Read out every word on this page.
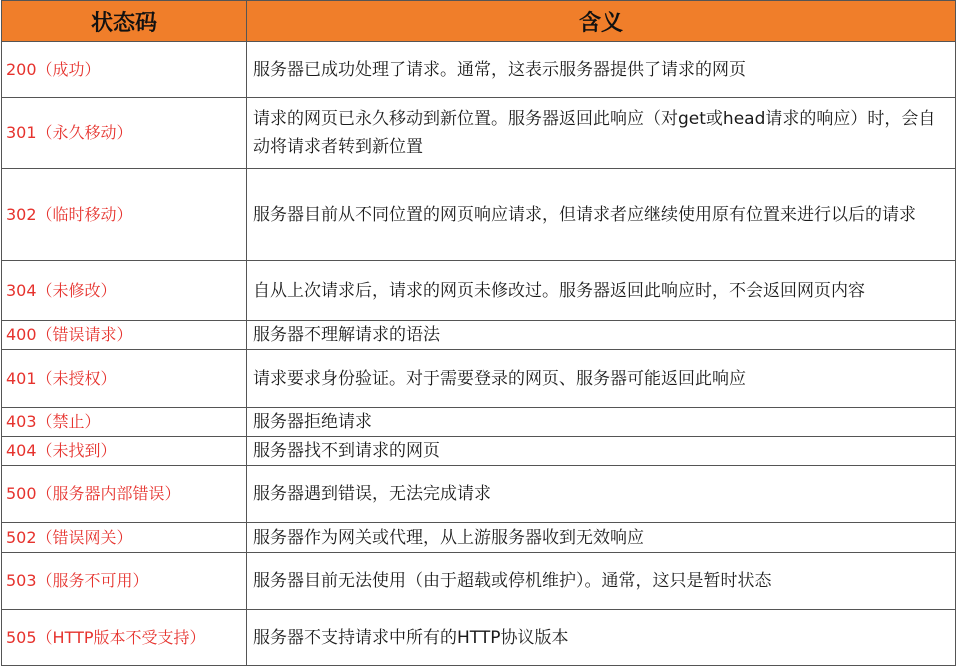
状态码	含义
200（成功）	服务器已成功处理了请求。通常，这表示服务器提供了请求的网页
301（永久移动）	请求的网页已永久移动到新位置。服务器返回此响应（对get或head请求的响应）时，会自动将请求者转到新位置
302（临时移动）	服务器目前从不同位置的网页响应请求，但请求者应继续使用原有位置来进行以后的请求
304（未修改）	自从上次请求后，请求的网页未修改过。服务器返回此响应时，不会返回网页内容
400（错误请求）	服务器不理解请求的语法
401（未授权）	请求要求身份验证。对于需要登录的网页、服务器可能返回此响应
403（禁止）	服务器拒绝请求
404（未找到）	服务器找不到请求的网页
500（服务器内部错误）	服务器遇到错误，无法完成请求
502（错误网关）	服务器作为网关或代理，从上游服务器收到无效响应
503（服务不可用）	服务器目前无法使用（由于超载或停机维护）。通常，这只是暂时状态
505（HTTP版本不受支持）	服务器不支持请求中所有的HTTP协议版本
